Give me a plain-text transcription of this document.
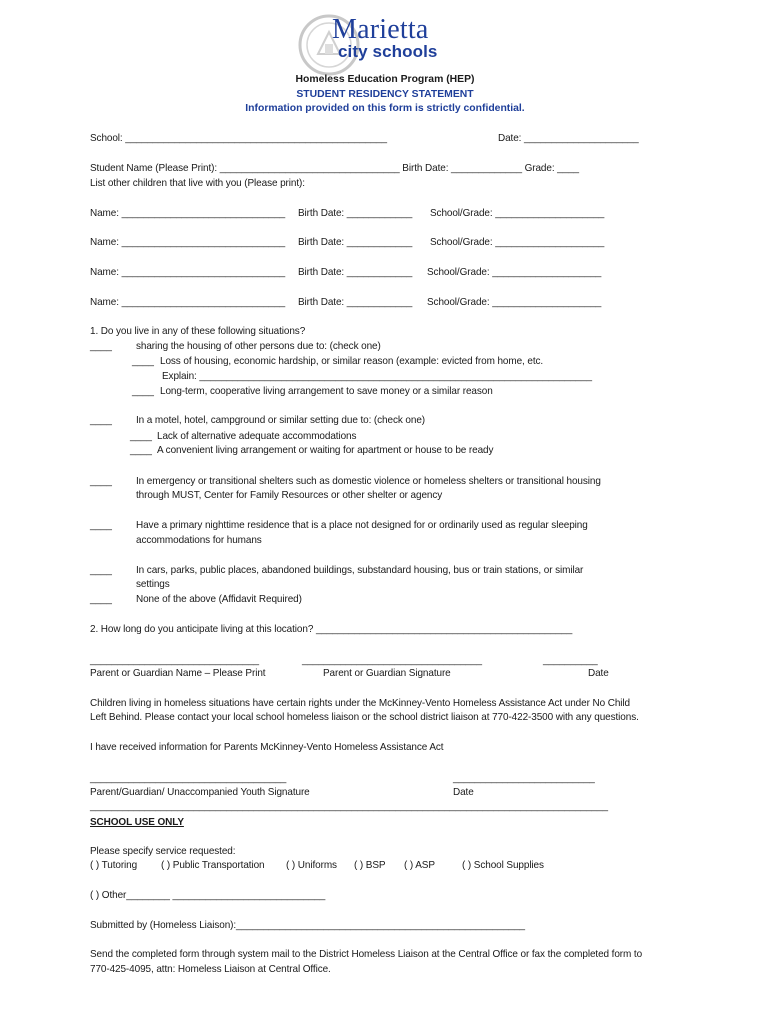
Marietta
city schools
Homeless Education Program (HEP)
STUDENT RESIDENCY STATEMENT
Information provided on this form is strictly confidential.
School: ________________________________________________	Date: _____________________
Student Name (Please Print): _________________________________ Birth Date: _____________ Grade: ____
List other children that live with you (Please print):
Name: ______________________________ Birth Date: ____________ School/Grade: ____________________
Name: ______________________________ Birth Date: ____________ School/Grade: ____________________
Name: ______________________________ Birth Date: ____________ School/Grade: ____________________
Name: ______________________________ Birth Date: ____________ School/Grade: ____________________
1. Do you live in any of these following situations?
____ sharing the housing of other persons due to: (check one)
____ Loss of housing, economic hardship, or similar reason (example: evicted from home, etc.
Explain: ________________________________________________________________________
____ Long-term, cooperative living arrangement to save money or a similar reason
____ In a motel, hotel, campground or similar setting due to: (check one)
____ Lack of alternative adequate accommodations
____ A convenient living arrangement or waiting for apartment or house to be ready
____ In emergency or transitional shelters such as domestic violence or homeless shelters or transitional housing
through MUST, Center for Family Resources or other shelter or agency
____ Have a primary nighttime residence that is a place not designed for or ordinarily used as regular sleeping
accommodations for humans
____ In cars, parks, public places, abandoned buildings, substandard housing, bus or train stations, or similar
settings
____ None of the above (Affidavit Required)
2. How long do you anticipate living at this location? _______________________________________________
_______________________________	_________________________________	__________
Parent or Guardian Name – Please Print	Parent or Guardian Signature	Date
Children living in homeless situations have certain rights under the McKinney-Vento Homeless Assistance Act under No Child
Left Behind. Please contact your local school homeless liaison or the school district liaison at 770-422-3500 with any questions.
I have received information for Parents McKinney-Vento Homeless Assistance Act
____________________________________	__________________________
Parent/Guardian/ Unaccompanied Youth Signature	Date
_______________________________________________________________________________________________
SCHOOL USE ONLY
Please specify service requested:
( ) Tutoring ( ) Public Transportation ( ) Uniforms ( ) BSP ( ) ASP	( ) School Supplies
( ) Other________ ____________________________
Submitted by (Homeless Liaison):_____________________________________________________
Send the completed form through system mail to the District Homeless Liaison at the Central Office or fax the completed form to
770-425-4095, attn: Homeless Liaison at Central Office.
